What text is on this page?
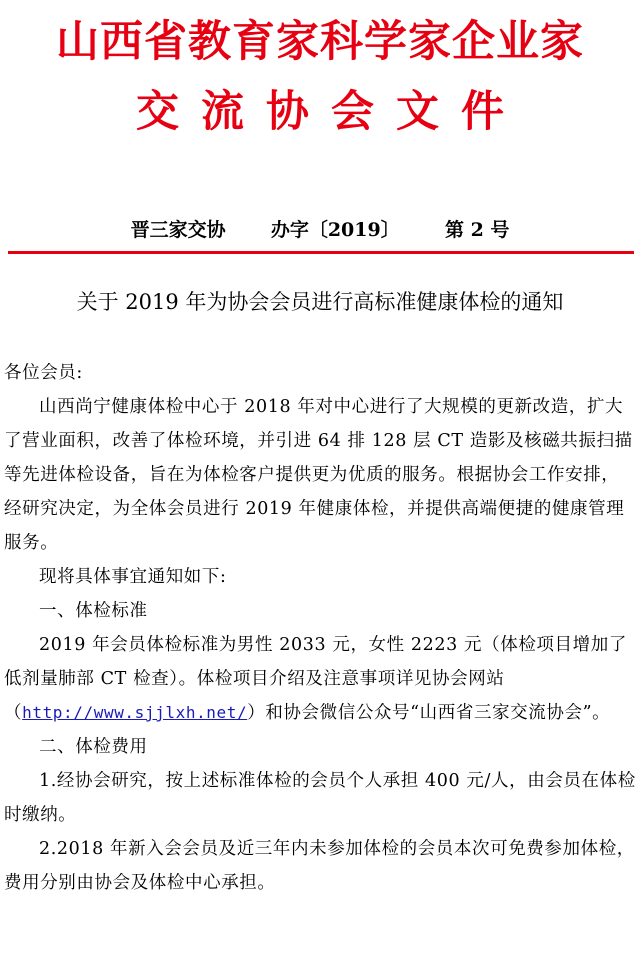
山西省教育家科学家企业家
交流协会文件
晋三家交协 办字〔2019〕 第 2 号
关于 2019 年为协会会员进行高标准健康体检的通知

各位会员:

山西尚宁健康体检中心于 2018 年对中心进行了大规模的更新改造，扩大了营业面积，改善了体检环境，并引进 64 排 128 层 CT 造影及核磁共振扫描等先进体检设备，旨在为体检客户提供更为优质的服务。根据协会工作安排，经研究决定，为全体会员进行 2019 年健康体检，并提供高端便捷的健康管理服务。

现将具体事宜通知如下:

一、体检标准

2019 年会员体检标准为男性 2033 元，女性 2223 元（体检项目增加了低剂量肺部 CT 检查）。体检项目介绍及注意事项详见协会网站（http://www.sjjlxh.net/）和协会微信公众号“山西省三家交流协会”。

二、体检费用

1.经协会研究，按上述标准体检的会员个人承担 400 元/人，由会员在体检时缴纳。

2.2018 年新入会会员及近三年内未参加体检的会员本次可免费参加体检，费用分别由协会及体检中心承担。
